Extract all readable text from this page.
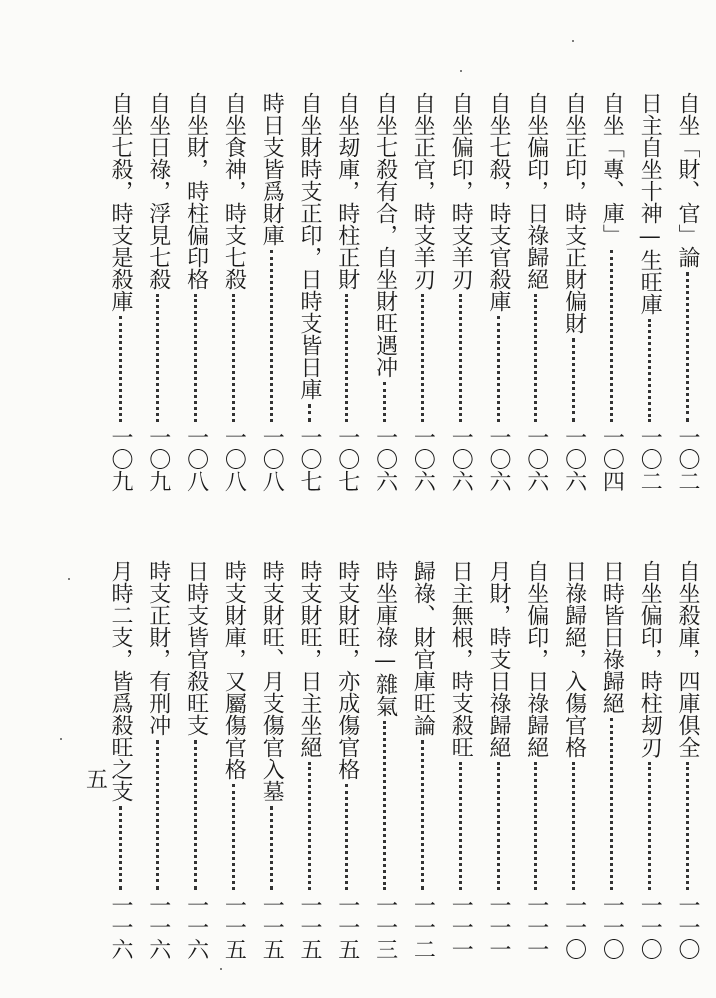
自坐「財、官」論
一〇二
日主自坐十神—生旺庫
一〇二
自坐「專、庫」
一〇四
自坐正印，時支正財偏財
一〇六
自坐偏印，日祿歸絕
一〇六
自坐七殺，時支官殺庫
一〇六
自坐偏印，時支羊刃
一〇六
自坐正官，時支羊刃
一〇六
自坐七殺有合，自坐財旺遇冲
一〇六
自坐刼庫，時柱正財
一〇七
自坐財時支正印，日時支皆日庫
一〇七
時日支皆爲財庫
一〇八
自坐食神，時支七殺
一〇八
自坐財，時柱偏印格
一〇八
自坐日祿，浮見七殺
一〇九
自坐七殺，時支是殺庫
一〇九
自坐殺庫，四庫俱全
一一〇
自坐偏印，時柱刼刃
一一〇
日時皆日祿歸絕
一一〇
日祿歸絕，入傷官格
一一〇
自坐偏印，日祿歸絕
一一一
月財，時支日祿歸絕
一一一
日主無根，時支殺旺
一一一
歸祿、財官庫旺論
一一二
時坐庫祿—雜氣
一一三
時支財旺，亦成傷官格
一一五
時支財旺，日主坐絕
一一五
時支財旺、月支傷官入墓
一一五
時支財庫，又屬傷官格
一一五
日時支皆官殺旺支
一一六
時支正財，有刑冲
一一六
月時二支，皆爲殺旺之支
一一六
五
